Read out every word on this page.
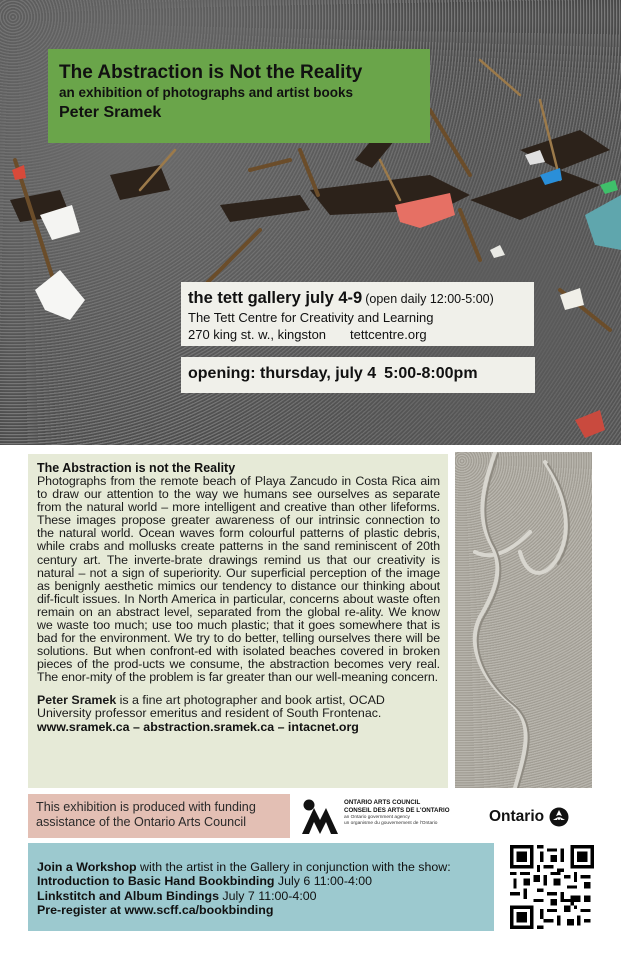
The Abstraction is Not the Reality
an exhibition of photographs and artist books
Peter Sramek
the tett gallery july 4-9 (open daily 12:00-5:00)
The Tett Centre for Creativity and Learning
270 king st. w., kingston tettcentre.org
opening: thursday, july 4 5:00-8:00pm
The Abstraction is not the Reality
Photographs from the remote beach of Playa Zancudo in Costa Rica aim to draw our attention to the way we humans see ourselves as separate from the natural world – more intelligent and creative than other lifeforms. These images propose greater awareness of our intrinsic connection to the natural world. Ocean waves form colourful patterns of plastic debris, while crabs and mollusks create patterns in the sand reminiscent of 20th century art. The inverte-brate drawings remind us that our creativity is natural – not a sign of superiority. Our superficial perception of the image as benignly aesthetic mimics our tendency to distance our thinking about dif-ficult issues. In North America in particular, concerns about waste often remain on an abstract level, separated from the global re-ality. We know we waste too much; use too much plastic; that it goes somewhere that is bad for the environment. We try to do better, telling ourselves there will be solutions. But when confront-ed with isolated beaches covered in broken pieces of the prod-ucts we consume, the abstraction becomes very real. The enor-mity of the problem is far greater than our well-meaning concern.
Peter Sramek is a fine art photographer and book artist, OCAD University professor emeritus and resident of South Frontenac.
www.sramek.ca – abstraction.sramek.ca – intacnet.org
This exhibition is produced with funding assistance of the Ontario Arts Council
ONTARIO ARTS COUNCIL
CONSEIL DES ARTS DE L'ONTARIO
an Ontario government agency
un organisme du gouvernement de l'Ontario	Ontario
Join a Workshop with the artist in the Gallery in conjunction with the show:
Introduction to Basic Hand Bookbinding July 6 11:00-4:00
Linkstitch and Album Bindings July 7 11:00-4:00
Pre-register at www.scff.ca/bookbinding
